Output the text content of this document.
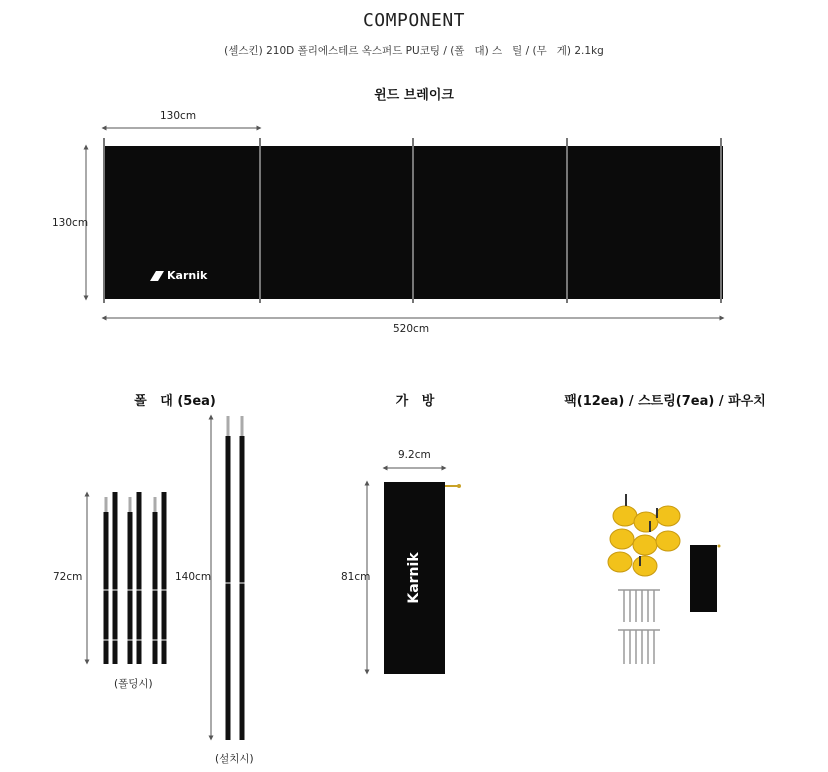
COMPONENT
(셀스킨) 210D 폴리에스테르 옥스퍼드 PU코팅 / (폴   대) 스   틸 / (무   게) 2.1kg
윈드 브레이크
130cm
130cm
520cm
Karnik
폴   대 (5ea)
72cm
(폴딩시)
140cm
(설치시)
가   방
9.2cm
81cm	Karnik
팩(12ea) / 스트링(7ea) / 파우치
